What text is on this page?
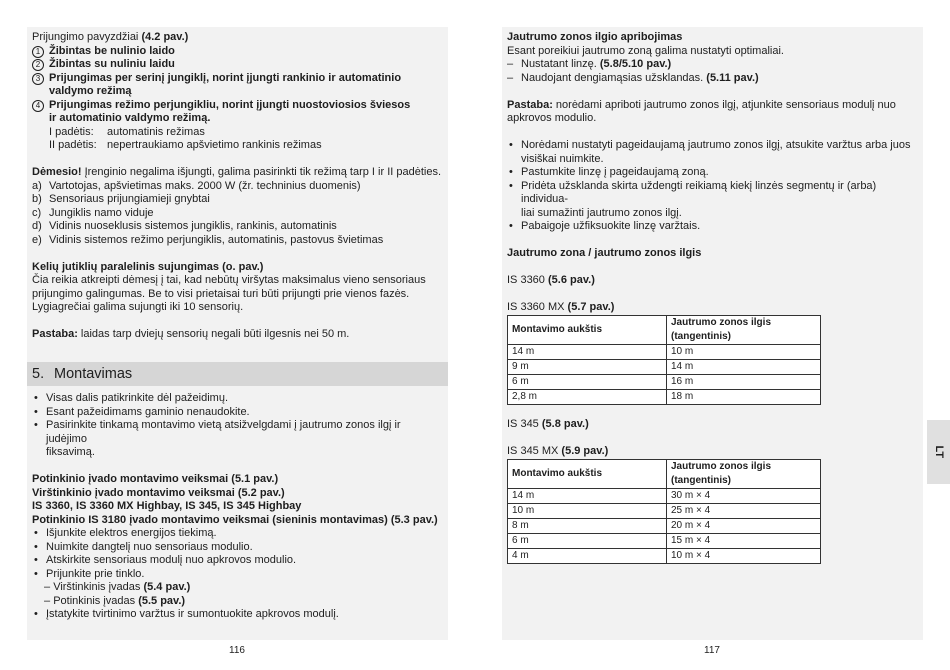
5. Montavimas

Prijungimo pavyzdžiai (4.2 pav.)

1 Žibintas be nulinio laido
2 Žibintas su nuliniu laidu
3 Prijungimas per serinį jungiklį, norint įjungti rankinio ir automatinio
valdymo režimą
4 Prijungimas režimo perjungikliu, norint įjungti nuostoviosios šviesos
ir automatinio valdymo režimą.
I padėtis:	automatinis režimas
II padėtis: nepertraukiamo apšvietimo rankinis režimas

Dėmesio! Įrenginio negalima išjungti, galima pasirinkti tik režimą tarp I ir II padėties.

a) Vartotojas, apšvietimas maks. 2000 W (žr. techninius duomenis)
b) Sensoriaus prijungiamieji gnybtai
c) Jungiklis namo viduje
d) Vidinis nuoseklusis sistemos jungiklis, rankinis, automatinis
e) Vidinis sistemos režimo perjungiklis, automatinis, pastovus švietimas

Kelių jutiklių paralelinis sujungimas (o. pav.)

Čia reikia atkreipti dėmesį į tai, kad nebūtų viršytas maksimalus vieno sensoriaus

prijungimo galingumas. Be to visi prietaisai turi būti prijungti prie vienos fazės.

Lygiagrečiai galima sujungti iki 10 sensorių.

Pastaba: laidas tarp dviejų sensorių negali būti ilgesnis nei 50 m.

• Visas dalis patikrinkite dėl pažeidimų.
• Esant pažeidimams gaminio nenaudokite.
• Pasirinkite tinkamą montavimo vietą atsižvelgdami į jautrumo zonos ilgį ir judėjimo
fiksavimą.

Potinkinio įvado montavimo veiksmai (5.1 pav.)

Virštinkinio įvado montavimo veiksmai (5.2 pav.)

IS 3360, IS 3360 MX Highbay, IS 345, IS 345 Highbay

Potinkinio IS 3180 įvado montavimo veiksmai (sieninis montavimas) (5.3 pav.)

• Išjunkite elektros energijos tiekimą.
• Nuimkite dangtelį nuo sensoriaus modulio.
• Atskirkite sensoriaus modulį nuo apkrovos modulio.
• Prijunkite prie tinklo.

– Virštinkinis įvadas (5.4 pav.)

– Potinkinis įvadas (5.5 pav.)

• Įstatykite tvirtinimo varžtus ir sumontuokite apkrovos modulį.

Jautrumo zonos ilgio apribojimas

Esant poreikiui jautrumo zoną galima nustatyti optimaliai.

– Nustatant linzę. (5.8/5.10 pav.)
– Naudojant dengiamąsias užsklandas. (5.11 pav.)

Pastaba: norėdami apriboti jautrumo zonos ilgį, atjunkite sensoriaus modulį nuo
apkrovos modulio.

• Norėdami nustatyti pageidaujamą jautrumo zonos ilgį, atsukite varžtus arba juos
visiškai nuimkite.
• Pastumkite linzę į pageidaujamą zoną.
• Pridėta užsklanda skirta uždengti reikiamą kiekį linzės segmentų ir (arba) individua-
liai sumažinti jautrumo zonos ilgį.
• Pabaigoje užfiksuokite linzę varžtais.

Jautrumo zona / jautrumo zonos ilgis

IS 3360 (5.6 pav.)

IS 3360 MX (5.7 pav.)

Montavimo aukštis	Jautrumo zonos ilgis (tangentinis)
14 m	10 m
9 m	14 m
6 m	16 m
2,8 m	18 m

IS 345 (5.8 pav.)

IS 345 MX (5.9 pav.)

Montavimo aukštis	Jautrumo zonos ilgis (tangentinis)
14 m	30 m × 4
10 m	25 m × 4
8 m	20 m × 4
6 m	15 m × 4
4 m	10 m × 4
LT
116	117
